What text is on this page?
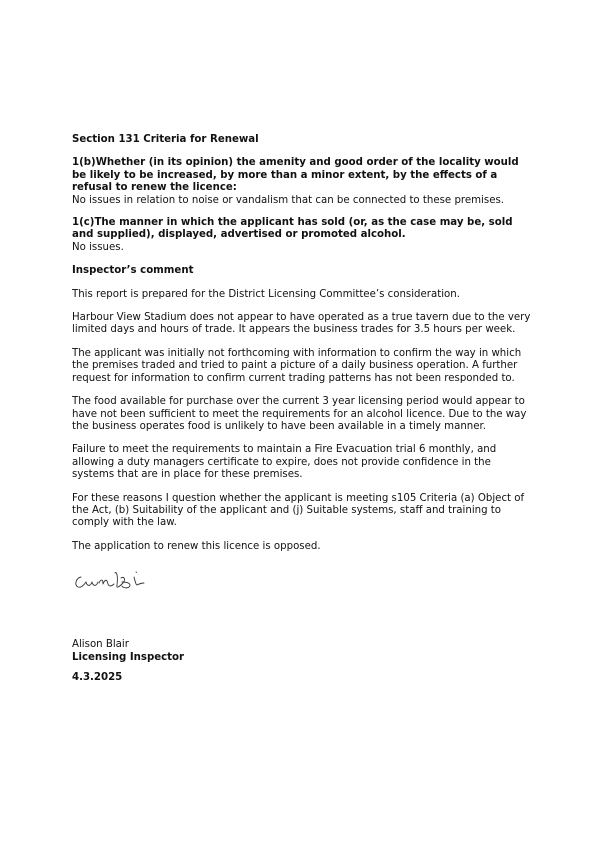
Section 131 Criteria for Renewal

1(b)Whether (in its opinion) the amenity and good order of the locality would be likely to be increased, by more than a minor extent, by the effects of a refusal to renew the licence:

No issues in relation to noise or vandalism that can be connected to these premises.

1(c)The manner in which the applicant has sold (or, as the case may be, sold and supplied), displayed, advertised or promoted alcohol.

No issues.

Inspector’s comment

This report is prepared for the District Licensing Committee’s consideration.

Harbour View Stadium does not appear to have operated as a true tavern due to the very limited days and hours of trade. It appears the business trades for 3.5 hours per week.

The applicant was initially not forthcoming with information to confirm the way in which the premises traded and tried to paint a picture of a daily business operation. A further request for information to confirm current trading patterns has not been responded to.

The food available for purchase over the current 3 year licensing period would appear to have not been sufficient to meet the requirements for an alcohol licence. Due to the way the business operates food is unlikely to have been available in a timely manner.

Failure to meet the requirements to maintain a Fire Evacuation trial 6 monthly, and allowing a duty managers certificate to expire, does not provide confidence in the systems that are in place for these premises.

For these reasons I question whether the applicant is meeting s105 Criteria (a) Object of the Act, (b) Suitability of the applicant and (j) Suitable systems, staff and training to comply with the law.

The application to renew this licence is opposed.

Alison Blair
Licensing Inspector
4.3.2025
